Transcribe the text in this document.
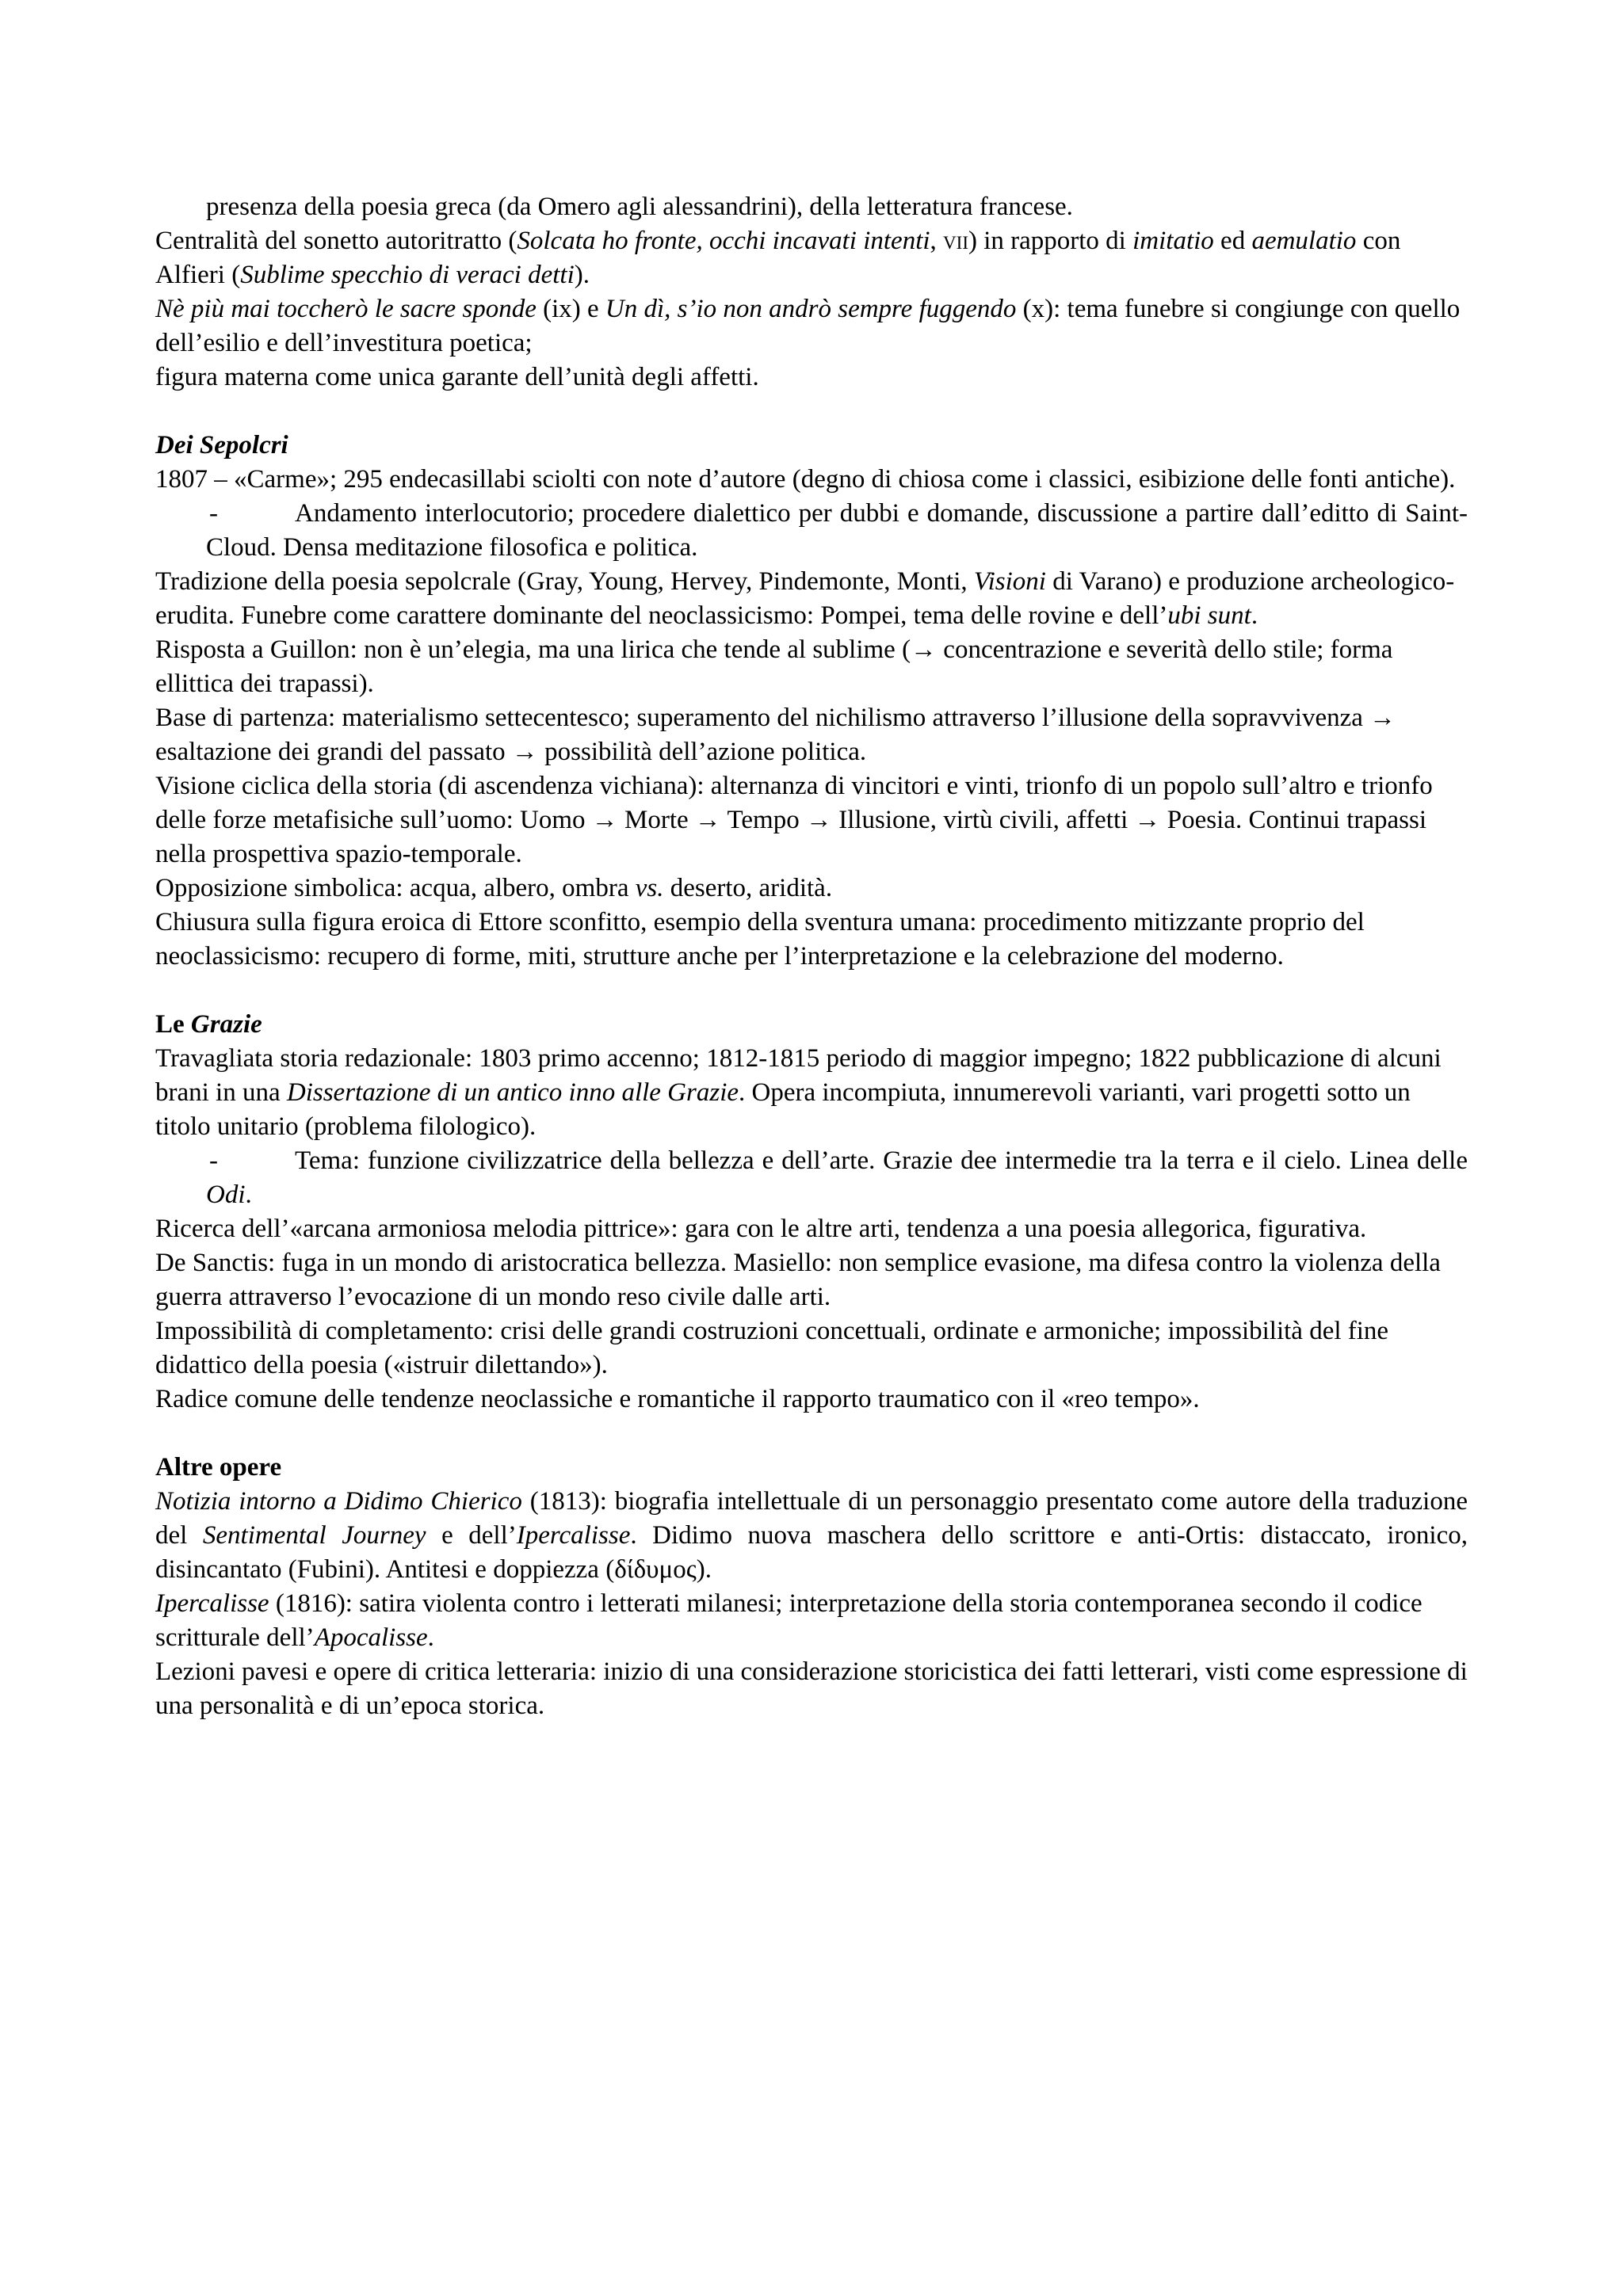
presenza della poesia greca (da Omero agli alessandrini), della letteratura francese.

Centralità del sonetto autoritratto (Solcata ho fronte, occhi incavati intenti, vii) in rapporto di imitatio ed aemulatio con Alfieri (Sublime specchio di veraci detti).

Nè più mai toccherò le sacre sponde (ix) e Un dì, s’io non andrò sempre fuggendo (x): tema funebre si congiunge con quello dell’esilio e dell’investitura poetica;

figura materna come unica garante dell’unità degli affetti.

Dei Sepolcri

1807 – «Carme»; 295 endecasillabi sciolti con note d’autore (degno di chiosa come i classici, esibizione delle fonti antiche).

-	Andamento interlocutorio; procedere dialettico per dubbi e domande, discussione a partire dall’editto di Saint-Cloud. Densa meditazione filosofica e politica.

Tradizione della poesia sepolcrale (Gray, Young, Hervey, Pindemonte, Monti, Visioni di Varano) e produzione archeologico-erudita. Funebre come carattere dominante del neoclassicismo: Pompei, tema delle rovine e dell’ubi sunt.

Risposta a Guillon: non è un’elegia, ma una lirica che tende al sublime (→ concentrazione e severità dello stile; forma ellittica dei trapassi).

Base di partenza: materialismo settecentesco; superamento del nichilismo attraverso l’illusione della sopravvivenza → esaltazione dei grandi del passato → possibilità dell’azione politica.

Visione ciclica della storia (di ascendenza vichiana): alternanza di vincitori e vinti, trionfo di un popolo sull’altro e trionfo delle forze metafisiche sull’uomo: Uomo → Morte → Tempo → Illusione, virtù civili, affetti → Poesia. Continui trapassi nella prospettiva spazio-temporale.

Opposizione simbolica: acqua, albero, ombra vs. deserto, aridità.

Chiusura sulla figura eroica di Ettore sconfitto, esempio della sventura umana: procedimento mitizzante proprio del neoclassicismo: recupero di forme, miti, strutture anche per l’interpretazione e la celebrazione del moderno.

Le Grazie

Travagliata storia redazionale: 1803 primo accenno; 1812-1815 periodo di maggior impegno; 1822 pubblicazione di alcuni brani in una Dissertazione di un antico inno alle Grazie. Opera incompiuta, innumerevoli varianti, vari progetti sotto un titolo unitario (problema filologico).

-	Tema: funzione civilizzatrice della bellezza e dell’arte. Grazie dee intermedie tra la terra e il cielo. Linea delle Odi.

Ricerca dell’«arcana armoniosa melodia pittrice»: gara con le altre arti, tendenza a una poesia allegorica, figurativa.

De Sanctis: fuga in un mondo di aristocratica bellezza. Masiello: non semplice evasione, ma difesa contro la violenza della guerra attraverso l’evocazione di un mondo reso civile dalle arti.

Impossibilità di completamento: crisi delle grandi costruzioni concettuali, ordinate e armoniche; impossibilità del fine didattico della poesia («istruir dilettando»).

Radice comune delle tendenze neoclassiche e romantiche il rapporto traumatico con il «reo tempo».

Altre opere

Notizia intorno a Didimo Chierico (1813): biografia intellettuale di un personaggio presentato come autore della traduzione del Sentimental Journey e dell’Ipercalisse. Didimo nuova maschera dello scrittore e anti-Ortis: distaccato, ironico, disincantato (Fubini). Antitesi e doppiezza (δίδυμος).

Ipercalisse (1816): satira violenta contro i letterati milanesi; interpretazione della storia contemporanea secondo il codice scritturale dell’Apocalisse.

Lezioni pavesi e opere di critica letteraria: inizio di una considerazione storicistica dei fatti letterari, visti come espressione di una personalità e di un’epoca storica.
